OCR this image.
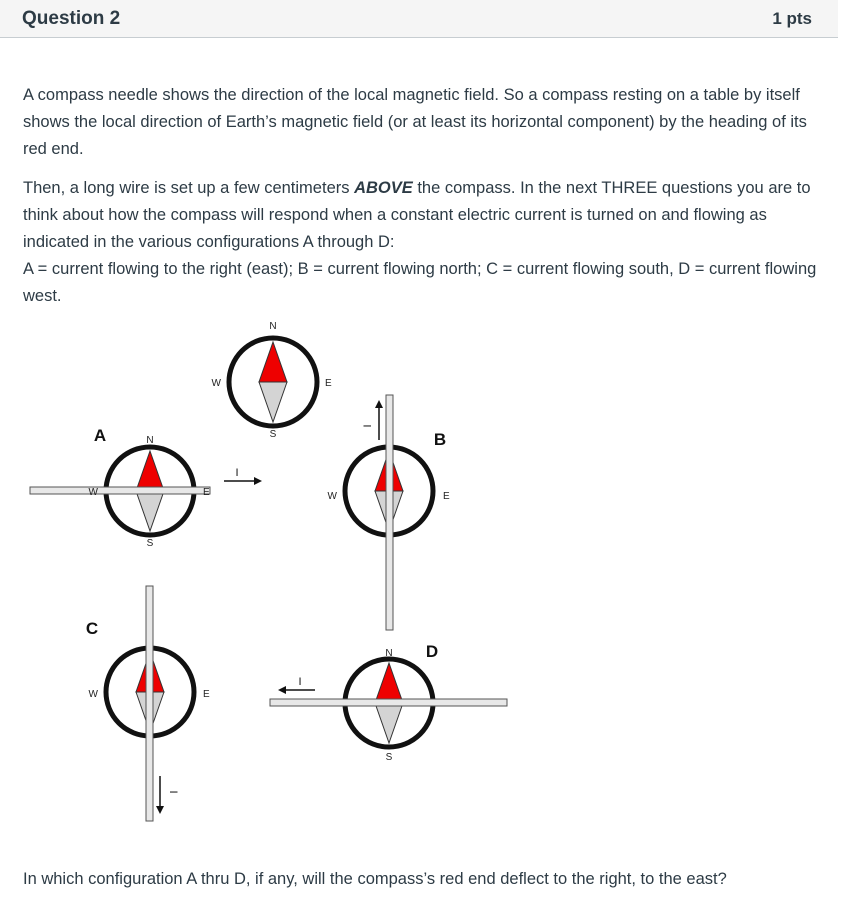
Question 2	1 pts

A compass needle shows the direction of the local magnetic field. So a compass resting on a table by itself shows the local direction of Earth’s magnetic field (or at least its horizontal component) by the heading of its red end.

Then, a long wire is set up a few centimeters ABOVE the compass. In the next THREE questions you are to think about how the compass will respond when a constant electric current is turned on and flowing as indicated in the various configurations A through D:

A = current flowing to the right (east); B = current flowing north; C = current flowing south, D = current flowing west.

N
S
E
W
A	N
S
E
W
I
B
E
W
I
C
E
W
I
D
N
S
I
In which configuration A thru D, if any, will the compass’s red end deflect to the right, to the east?
